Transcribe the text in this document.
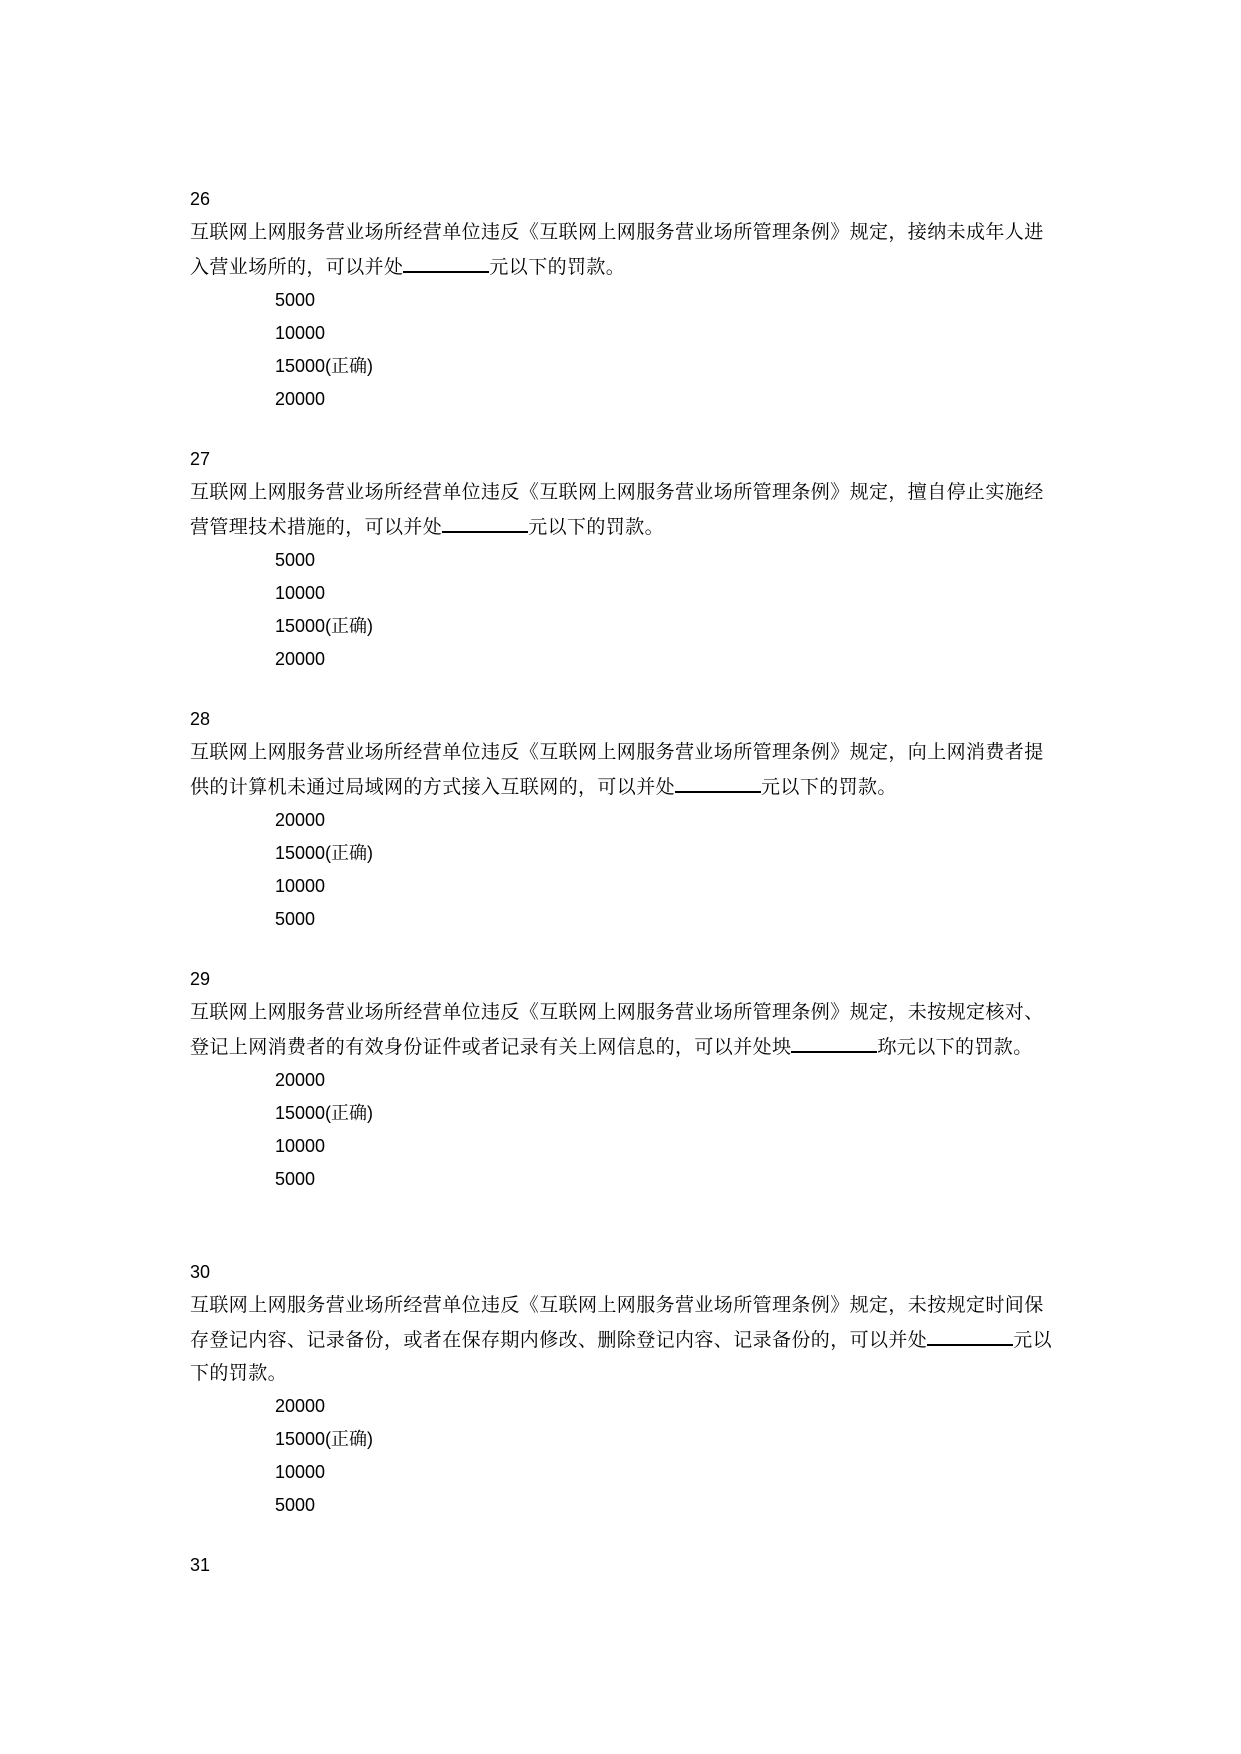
26
互联网上网服务营业场所经营单位违反《互联网上网服务营业场所管理条例》规定，接纳未成年人进入营业场所的，可以并处	元以下的罚款。
5000
10000
15000(正确)
20000
27
互联网上网服务营业场所经营单位违反《互联网上网服务营业场所管理条例》规定，擅自停止实施经营管理技术措施的，可以并处	元以下的罚款。
5000
10000
15000(正确)
20000
28
互联网上网服务营业场所经营单位违反《互联网上网服务营业场所管理条例》规定，向上网消费者提供的计算机未通过局域网的方式接入互联网的，可以并处	元以下的罚款。
20000
15000(正确)
10000
5000
29
互联网上网服务营业场所经营单位违反《互联网上网服务营业场所管理条例》规定，未按规定核对、登记上网消费者的有效身份证件或者记录有关上网信息的，可以并处坱	珎元以下的罚款。
20000
15000(正确)
10000
5000
30
互联网上网服务营业场所经营单位违反《互联网上网服务营业场所管理条例》规定，未按规定时间保存登记内容、记录备份，或者在保存期内修改、删除登记内容、记录备份的，可以并处	元以下的罚款。
20000
15000(正确)
10000
5000
31
